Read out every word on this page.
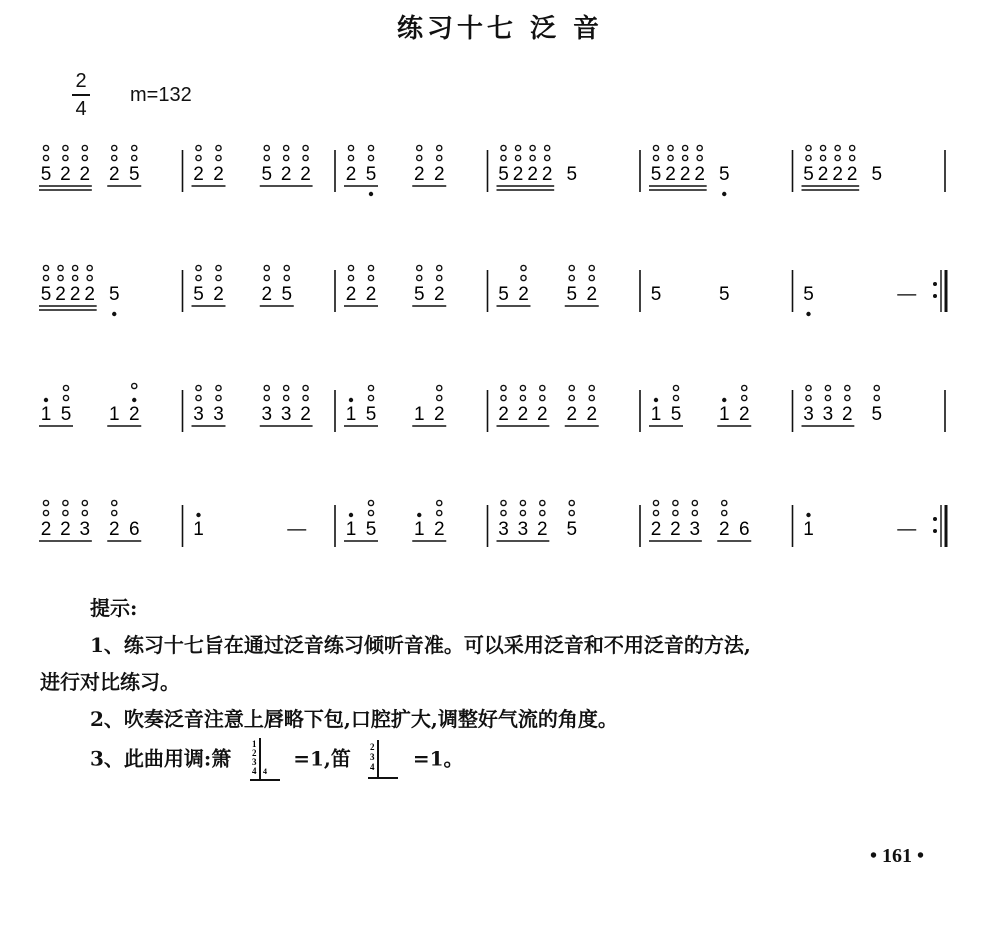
练习十七 泛 音
2
4
m=132
5 2 2 2 5	2 2 5 2 2 2 5 2 2	5 2 2 2 5	5 2 2 2 5	5 2 2 2 5
5 2 2 2 5	5 2 2 5	2 2 5 2	5 2 5 2	5	5	5	—
1 5 1 2	3 3 3 3 2 1 5 1 2	2 2 2 2 2	1 5 1 2	3 3 2 5
2 2 3 2 6	1	— 1 5 1 2	3 3 2 5	2 2 3 2 6	1	—
提示:
1、练习十七旨在通过泛音练习倾听音准。可以采用泛音和不用泛音的方法,
进行对比练习。
2、吹奏泛音注意上唇略下包,口腔扩大,调整好气流的角度。
3、此曲用调:箫
1
2
3
4 4
=1,笛 2
3
4 =1。
• 161 •
